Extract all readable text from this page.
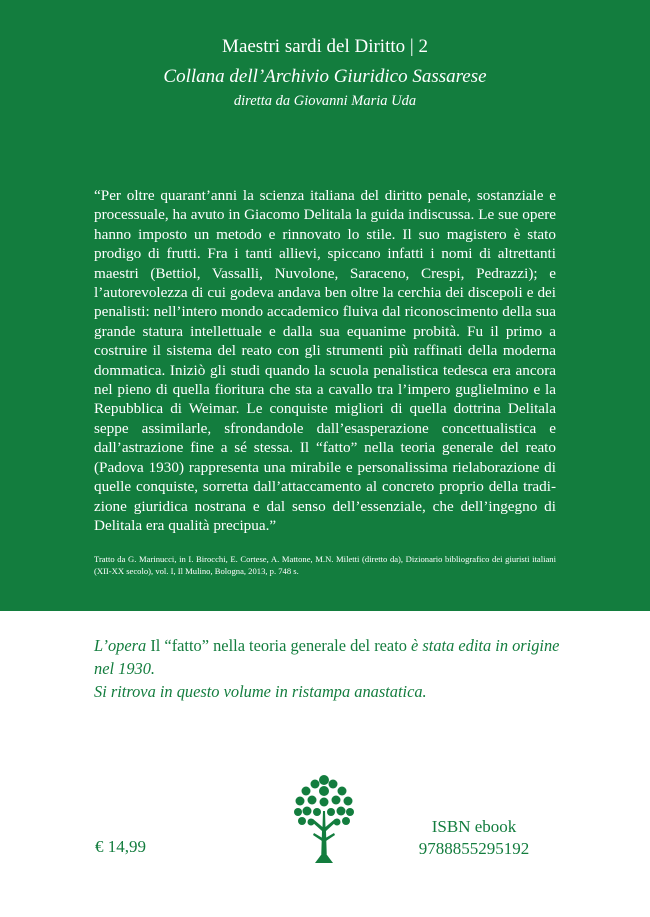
Maestri sardi del Diritto | 2
Collana dell’Archivio Giuridico Sassarese
diretta da Giovanni Maria Uda

“Per oltre quarant’anni la scienza italiana del diritto penale, sostanziale e processuale, ha avuto in Giacomo Delitala la guida indiscussa. Le sue opere hanno imposto un metodo e rinnovato lo stile. Il suo magistero è stato prodigo di frutti. Fra i tanti allievi, spiccano infatti i nomi di altrettanti maestri (Bettiol, Vassalli, Nuvolone, Saraceno, Crespi, Pedrazzi); e l’autorevolezza di cui godeva andava ben oltre la cerchia dei discepoli e dei penalisti: nell’intero mondo accademico fluiva dal riconoscimento della sua grande statura intellettuale e dalla sua equanime probità. Fu il primo a costruire il sistema del reato con gli strumenti più raffinati della moderna dommatica. Iniziò gli studi quando la scuola penalistica tedesca era ancora nel pieno di quella fioritura che sta a cavallo tra l’impero guglielmino e la Repubblica di Weimar. Le conquiste migliori di quella dottrina Delitala seppe assimilarle, sfrondandole dall’esasperazione concettualistica e dall’astrazione fine a sé stessa. Il “fatto” nella teoria generale del reato (Padova 1930) rappresenta una mirabile e personalissima rielaborazione di quelle conquiste, sorretta dall’attaccamento al concreto proprio della tradizione giuridica nostrana e dal senso dell’essenziale, che dell’ingegno di Delitala era qualità precipua.”

Tratto da G. Marinucci, in I. Birocchi, E. Cortese, A. Mattone, M.N. Miletti (diretto da), Dizionario bibliografico dei giuristi italiani (XII-XX secolo), vol. I, Il Mulino, Bologna, 2013, p. 748 s.

L’opera Il “fatto” nella teoria generale del reato è stata edita in origine nel 1930.
Si ritrova in questo volume in ristampa anastatica.

€ 14,99
ISBN ebook
9788855295192
